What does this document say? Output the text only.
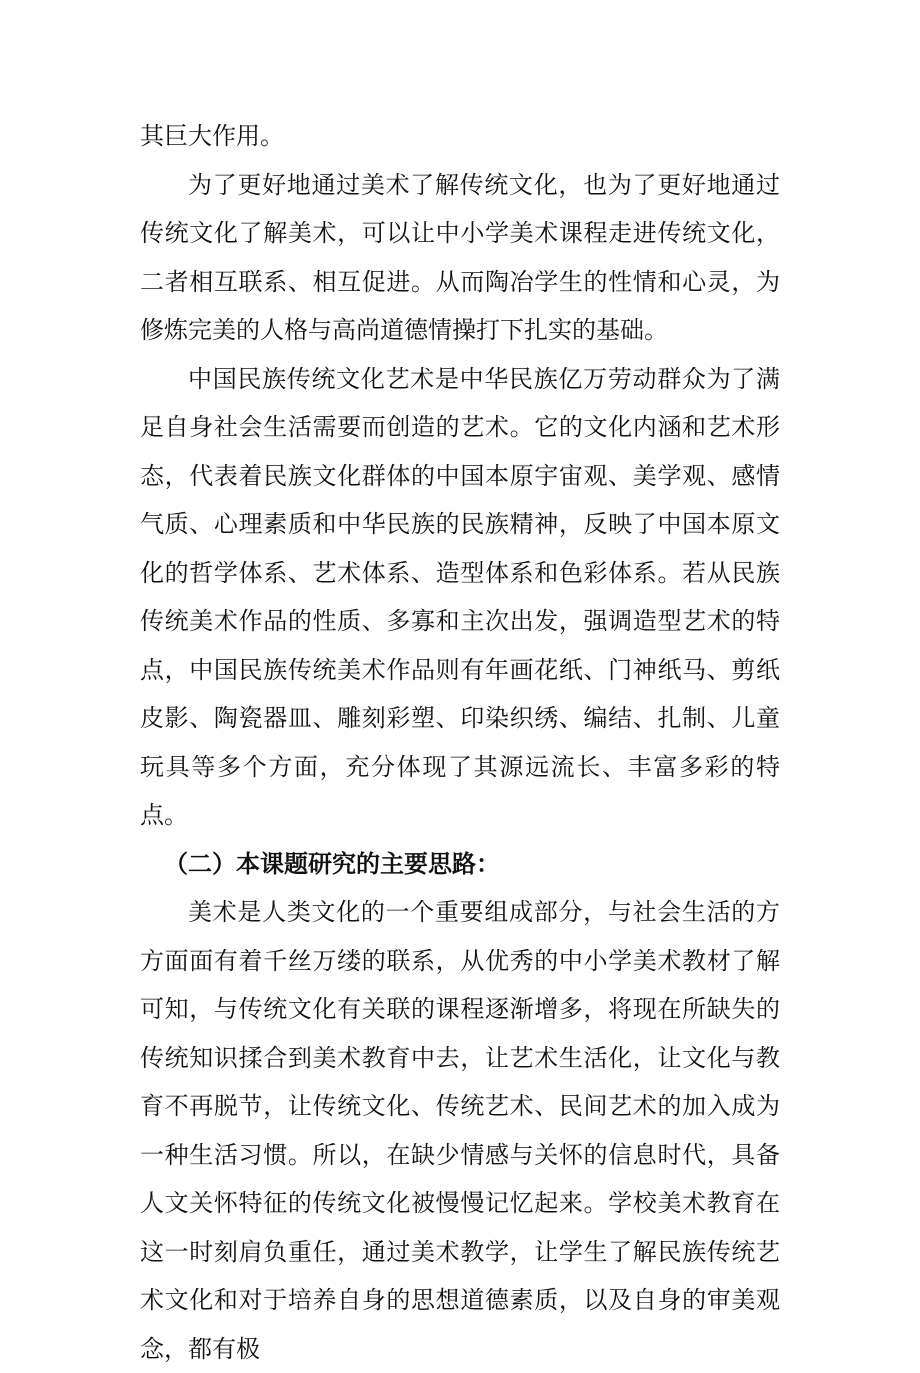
其巨大作用。

为了更好地通过美术了解传统文化，也为了更好地通过传统文化了解美术，可以让中小学美术课程走进传统文化，二者相互联系、相互促进。从而陶冶学生的性情和心灵，为修炼完美的人格与高尚道德情操打下扎实的基础。

中国民族传统文化艺术是中华民族亿万劳动群众为了满足自身社会生活需要而创造的艺术。它的文化内涵和艺术形态，代表着民族文化群体的中国本原宇宙观、美学观、感情气质、心理素质和中华民族的民族精神，反映了中国本原文化的哲学体系、艺术体系、造型体系和色彩体系。若从民族传统美术作品的性质、多寡和主次出发，强调造型艺术的特点，中国民族传统美术作品则有年画花纸、门神纸马、剪纸皮影、陶瓷器皿、雕刻彩塑、印染织绣、编结、扎制、儿童玩具等多个方面，充分体现了其源远流长、丰富多彩的特点。

（二）本课题研究的主要思路：

美术是人类文化的一个重要组成部分，与社会生活的方方面面有着千丝万缕的联系，从优秀的中小学美术教材了解可知，与传统文化有关联的课程逐渐增多，将现在所缺失的传统知识揉合到美术教育中去，让艺术生活化，让文化与教育不再脱节，让传统文化、传统艺术、民间艺术的加入成为一种生活习惯。所以，在缺少情感与关怀的信息时代，具备人文关怀特征的传统文化被慢慢记忆起来。学校美术教育在这一时刻肩负重任，通过美术教学，让学生了解民族传统艺术文化和对于培养自身的思想道德素质，以及自身的审美观念，都有极
